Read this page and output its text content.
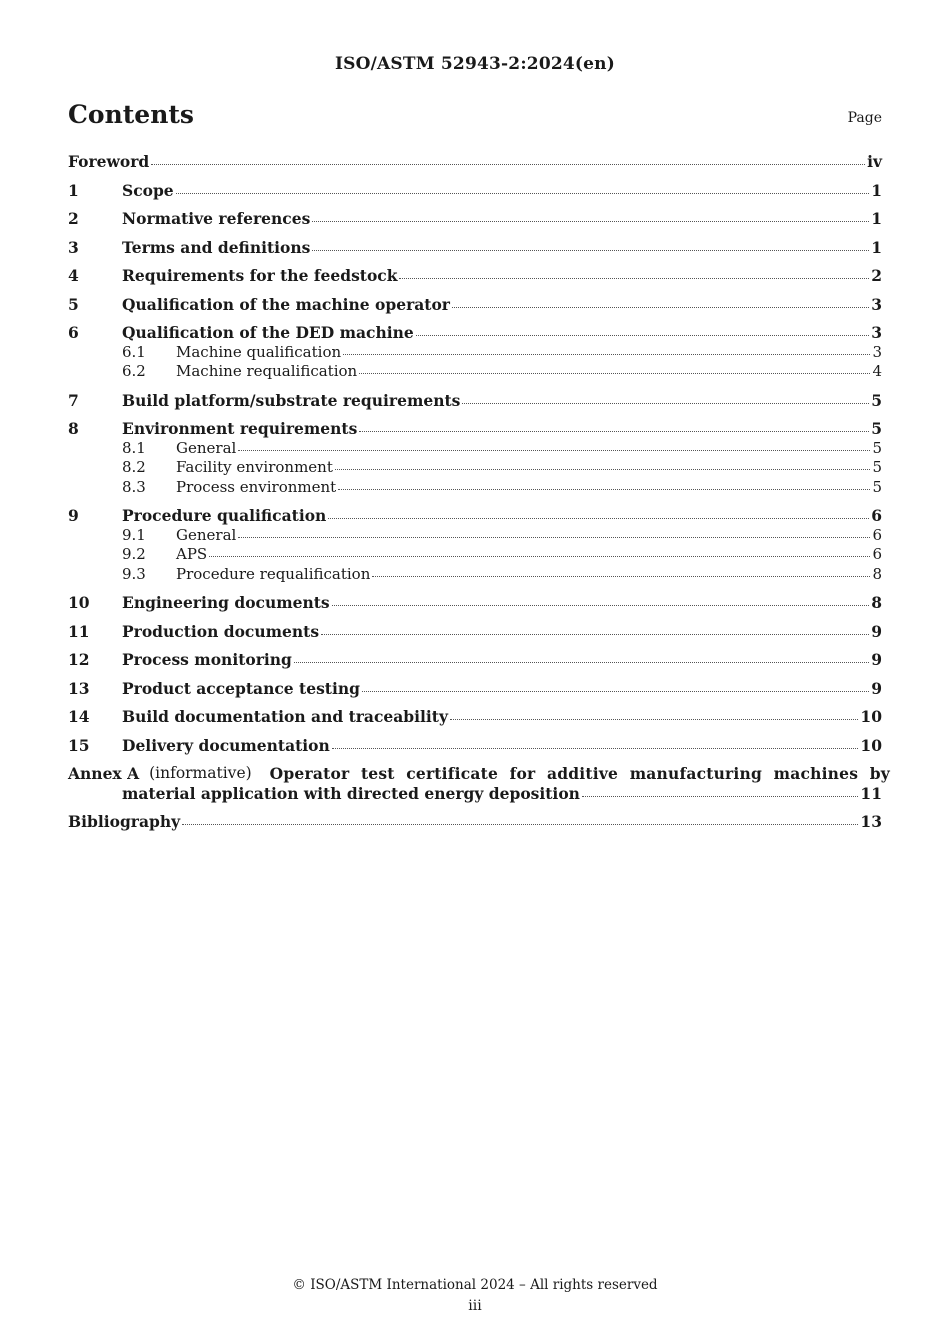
ISO/ASTM 52943-2:2024(en)
Contents	Page
Foreword	iv
1	Scope	1
2	Normative references	1
3	Terms and definitions	1
4	Requirements for the feedstock	2
5	Qualification of the machine operator	3
6	Qualification of the DED machine	3
6.1	Machine qualification	3
6.2	Machine requalification	4
7	Build platform/substrate requirements	5
8	Environment requirements	5
8.1	General	5
8.2	Facility environment	5
8.3	Process environment	5
9	Procedure qualification	6
9.1	General	6
9.2	APS	6
9.3	Procedure requalification	8
10	Engineering documents	8
11	Production documents	9
12	Process monitoring	9
13	Product acceptance testing	9
14	Build documentation and traceability	10
15	Delivery documentation	10
Annex A (informative) Operator test certificate for additive manufacturing machines by
material application with directed energy deposition	11
Bibliography	13
© ISO/ASTM International 2024 – All rights reserved
iii
